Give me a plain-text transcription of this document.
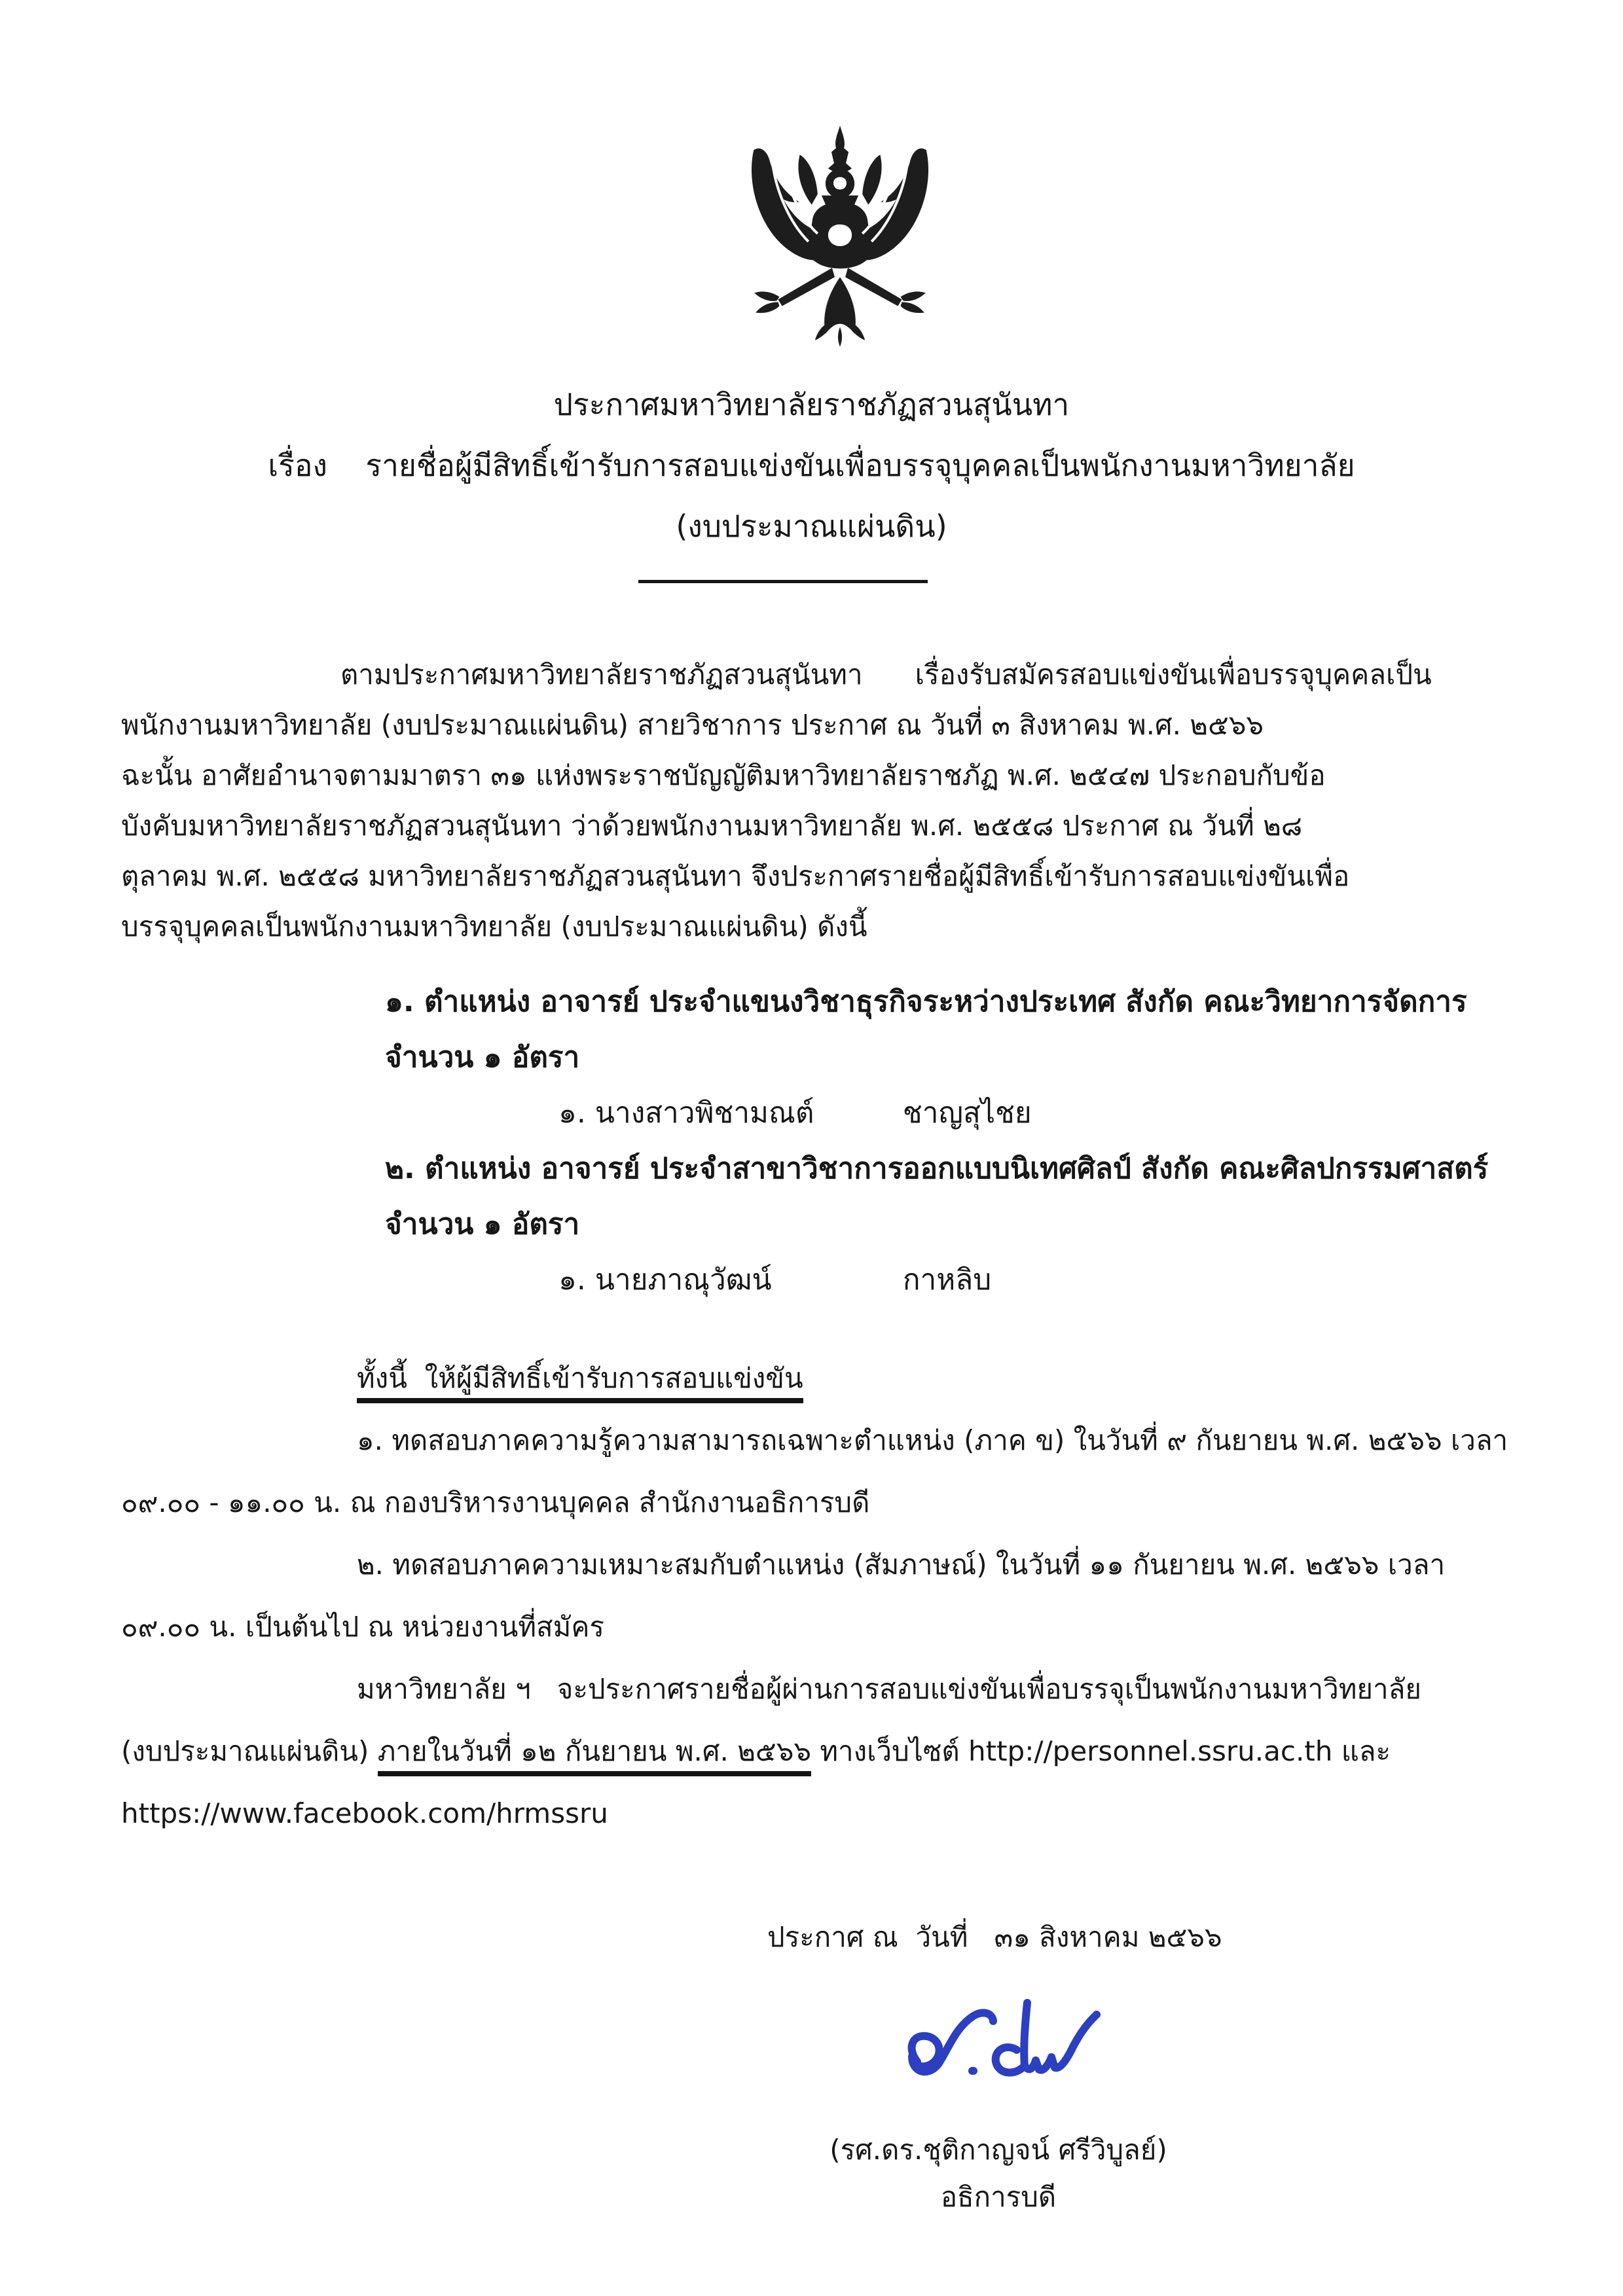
ประกาศมหาวิทยาลัยราชภัฏสวนสุนันทา
เรื่อง    รายชื่อผู้มีสิทธิ์เข้ารับการสอบแข่งขันเพื่อบรรจุบุคคลเป็นพนักงานมหาวิทยาลัย
(งบประมาณแผ่นดิน)
ตามประกาศมหาวิทยาลัยราชภัฏสวนสุนันทา      เรื่องรับสมัครสอบแข่งขันเพื่อบรรจุบุคคลเป็น
พนักงานมหาวิทยาลัย (งบประมาณแผ่นดิน) สายวิชาการ ประกาศ ณ วันที่ ๓ สิงหาคม พ.ศ. ๒๕๖๖
ฉะนั้น อาศัยอำนาจตามมาตรา ๓๑ แห่งพระราชบัญญัติมหาวิทยาลัยราชภัฏ พ.ศ. ๒๕๔๗ ประกอบกับข้อ
บังคับมหาวิทยาลัยราชภัฏสวนสุนันทา ว่าด้วยพนักงานมหาวิทยาลัย พ.ศ. ๒๕๕๘ ประกาศ ณ วันที่ ๒๘
ตุลาคม พ.ศ. ๒๕๕๘ มหาวิทยาลัยราชภัฏสวนสุนันทา จึงประกาศรายชื่อผู้มีสิทธิ์เข้ารับการสอบแข่งขันเพื่อ
บรรจุบุคคลเป็นพนักงานมหาวิทยาลัย (งบประมาณแผ่นดิน) ดังนี้
๑. ตำแหน่ง อาจารย์ ประจำแขนงวิชาธุรกิจระหว่างประเทศ สังกัด คณะวิทยาการจัดการ
จำนวน ๑ อัตรา
๑. นางสาวพิชามณต์	ชาญสุไชย
๒. ตำแหน่ง อาจารย์ ประจำสาขาวิชาการออกแบบนิเทศศิลป์ สังกัด คณะศิลปกรรมศาสตร์
จำนวน ๑ อัตรา
๑. นายภาณุวัฒน์	กาหลิบ
ทั้งนี้  ให้ผู้มีสิทธิ์เข้ารับการสอบแข่งขัน
๑. ทดสอบภาคความรู้ความสามารถเฉพาะตำแหน่ง (ภาค ข) ในวันที่ ๙ กันยายน พ.ศ. ๒๕๖๖ เวลา
๐๙.๐๐ - ๑๑.๐๐ น. ณ กองบริหารงานบุคคล สำนักงานอธิการบดี
๒. ทดสอบภาคความเหมาะสมกับตำแหน่ง (สัมภาษณ์) ในวันที่ ๑๑ กันยายน พ.ศ. ๒๕๖๖ เวลา
๐๙.๐๐ น. เป็นต้นไป ณ หน่วยงานที่สมัคร
มหาวิทยาลัย ฯ   จะประกาศรายชื่อผู้ผ่านการสอบแข่งขันเพื่อบรรจุเป็นพนักงานมหาวิทยาลัย
(งบประมาณแผ่นดิน) ภายในวันที่ ๑๒ กันยายน พ.ศ. ๒๕๖๖ ทางเว็บไซต์ http://personnel.ssru.ac.th และ
https://www.facebook.com/hrmssru
ประกาศ ณ  วันที่   ๓๑ สิงหาคม ๒๕๖๖
(รศ.ดร.ชุติกาญจน์ ศรีวิบูลย์)
อธิการบดี
